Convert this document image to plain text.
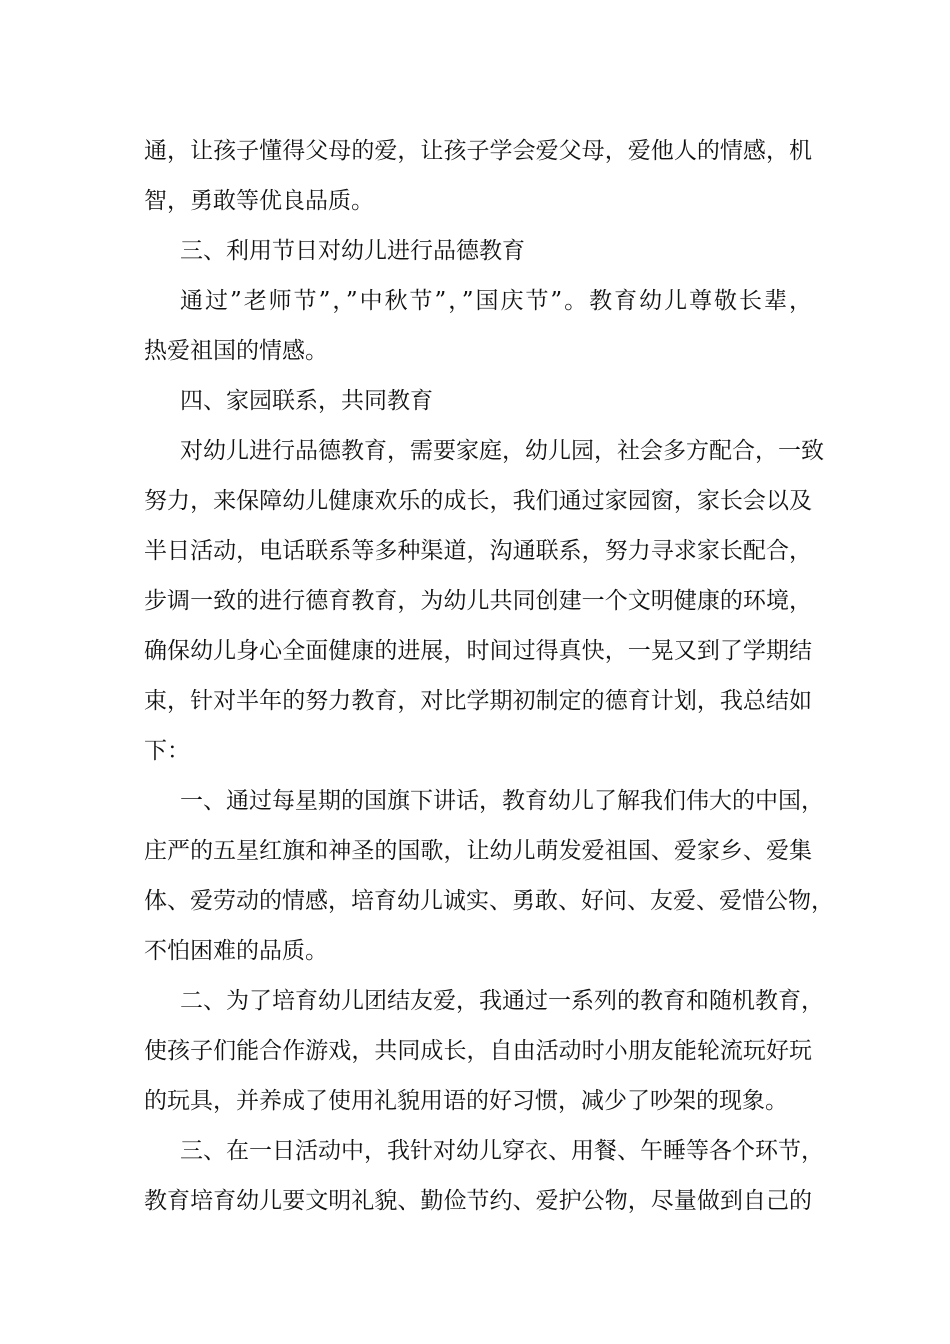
通，让孩子懂得父母的爱，让孩子学会爱父母，爱他人的情感，机
智，勇敢等优良品质。
三、利用节日对幼儿进行品德教育
通过”老师节”，”中秋节”，”国庆节”。教育幼儿尊敬长辈，
热爱祖国的情感。
四、家园联系，共同教育
对幼儿进行品德教育，需要家庭，幼儿园，社会多方配合，一致
努力，来保障幼儿健康欢乐的成长，我们通过家园窗，家长会以及
半日活动，电话联系等多种渠道，沟通联系，努力寻求家长配合，
步调一致的进行德育教育，为幼儿共同创建一个文明健康的环境，
确保幼儿身心全面健康的进展，时间过得真快，一晃又到了学期结
束，针对半年的努力教育，对比学期初制定的德育计划，我总结如
下：
一、通过每星期的国旗下讲话，教育幼儿了解我们伟大的中国，
庄严的五星红旗和神圣的国歌，让幼儿萌发爱祖国、爱家乡、爱集
体、爱劳动的情感，培育幼儿诚实、勇敢、好问、友爱、爱惜公物，
不怕困难的品质。
二、为了培育幼儿团结友爱，我通过一系列的教育和随机教育，
使孩子们能合作游戏，共同成长，自由活动时小朋友能轮流玩好玩
的玩具，并养成了使用礼貌用语的好习惯，减少了吵架的现象。
三、在一日活动中，我针对幼儿穿衣、用餐、午睡等各个环节，
教育培育幼儿要文明礼貌、勤俭节约、爱护公物，尽量做到自己的
